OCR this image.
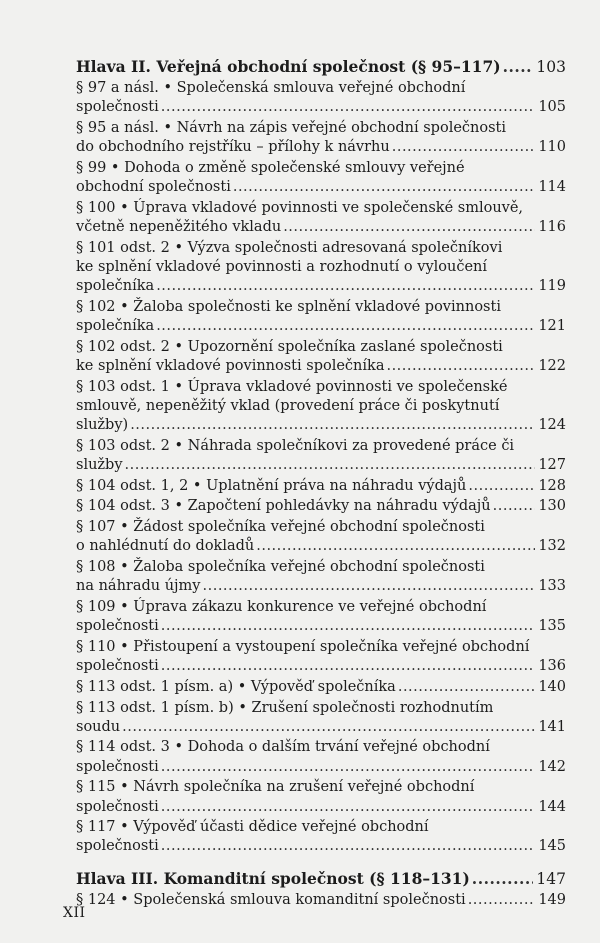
Hlava II. Veřejná obchodní společnost (§ 95–117) ..... 103
§ 97 a násl. • Společenská smlouva veřejné obchodní
společnosti .....	105
§ 95 a násl. • Návrh na zápis veřejné obchodní společnosti
do obchodního rejstříku – přílohy k návrhu .....	110
§ 99 • Dohoda o změně společenské smlouvy veřejné
obchodní společnosti .....	114
§ 100 • Úprava vkladové povinnosti ve společenské smlouvě,
včetně nepeněžitého vkladu .....	116
§ 101 odst. 2 • Výzva společnosti adresovaná společníkovi
ke splnění vkladové povinnosti a rozhodnutí o vyloučení
společníka .....	119
§ 102 • Žaloba společnosti ke splnění vkladové povinnosti
společníka .....	121
§ 102 odst. 2 • Upozornění společníka zaslané společnosti
ke splnění vkladové povinnosti společníka .....	122
§ 103 odst. 1 • Úprava vkladové povinnosti ve společenské
smlouvě, nepeněžitý vklad (provedení práce či poskytnutí
služby) .....	124
§ 103 odst. 2 • Náhrada společníkovi za provedené práce či
služby .....	127
§ 104 odst. 1, 2 • Uplatnění práva na náhradu výdajů .....	128
§ 104 odst. 3 • Započtení pohledávky na náhradu výdajů .....	130
§ 107 • Žádost společníka veřejné obchodní společnosti
o nahlédnutí do dokladů .....	132
§ 108 • Žaloba společníka veřejné obchodní společnosti
na náhradu újmy .....	133
§ 109 • Úprava zákazu konkurence ve veřejné obchodní
společnosti .....	135
§ 110 • Přistoupení a vystoupení společníka veřejné obchodní
společnosti .....	136
§ 113 odst. 1 písm. a) • Výpověď společníka .....	140
§ 113 odst. 1 písm. b) • Zrušení společnosti rozhodnutím
soudu .....	141
§ 114 odst. 3 • Dohoda o dalším trvání veřejné obchodní
společnosti .....	142
§ 115 • Návrh společníka na zrušení veřejné obchodní
společnosti .....	144
§ 117 • Výpověď účasti dědice veřejné obchodní
společnosti .....	145
Hlava III. Komanditní společnost (§ 118–131) .....	147
§ 124 • Společenská smlouva komanditní společnosti .....	149
XII
